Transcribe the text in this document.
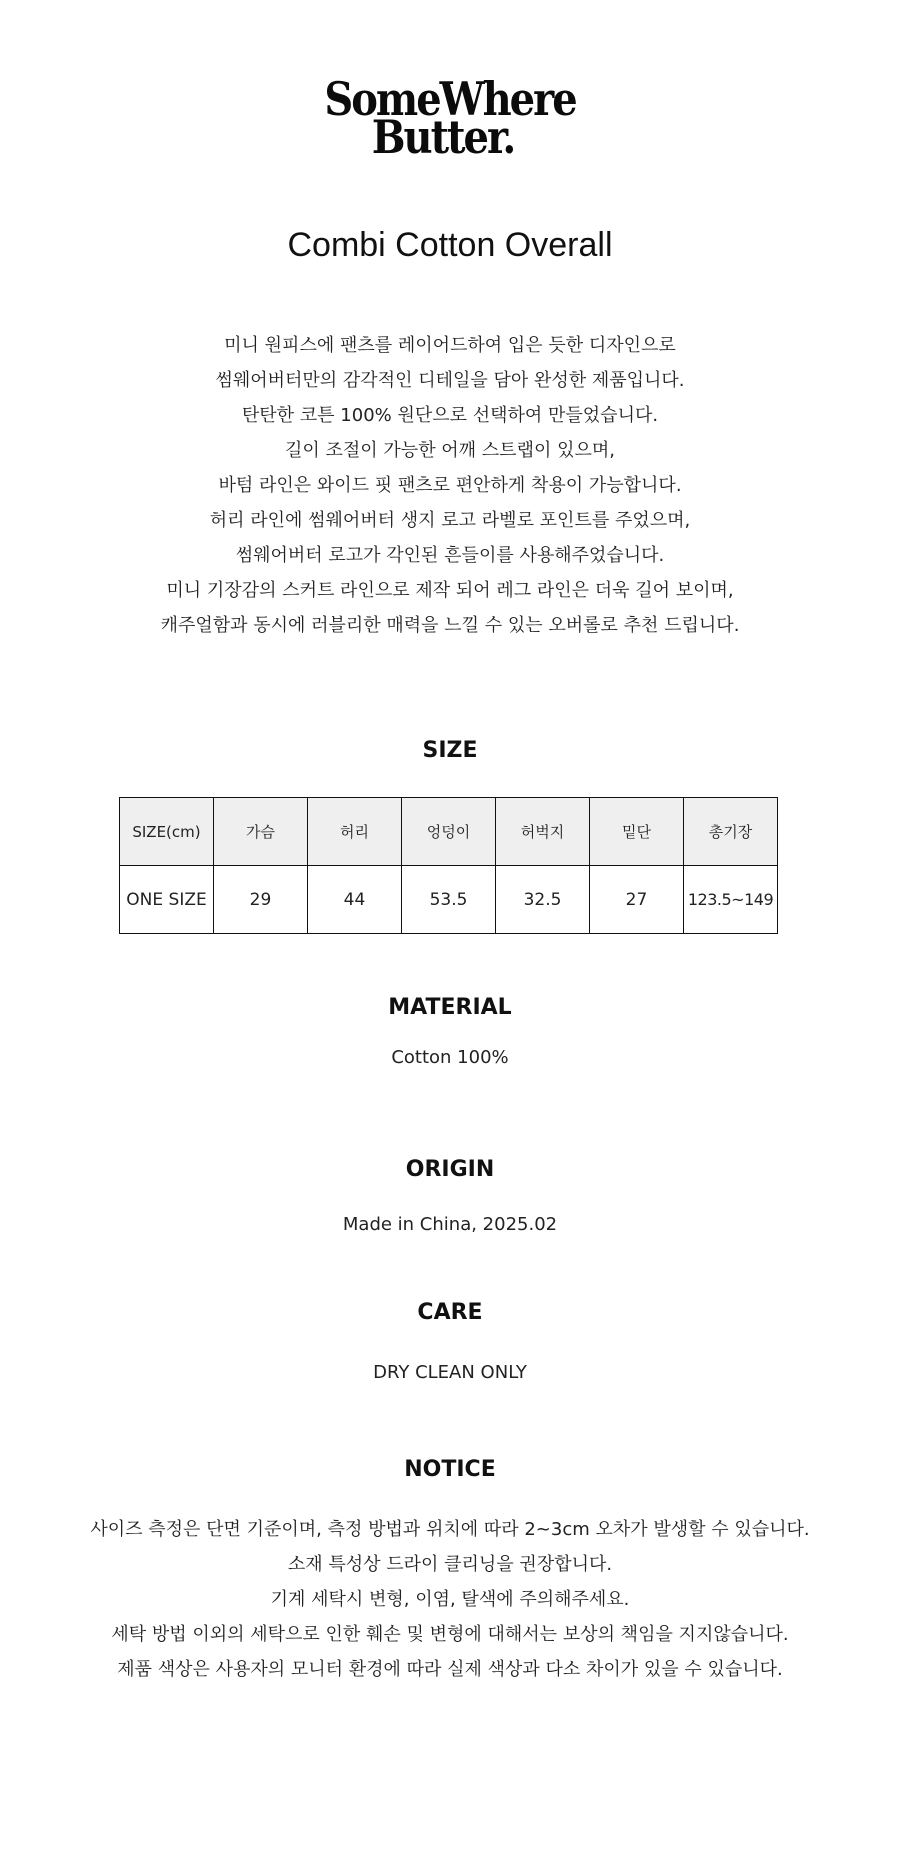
SomeWhere
Butter.
Combi Cotton Overall
미니 원피스에 팬츠를 레이어드하여 입은 듯한 디자인으로
썸웨어버터만의 감각적인 디테일을 담아 완성한 제품입니다.
탄탄한 코튼 100% 원단으로 선택하여 만들었습니다.
길이 조절이 가능한 어깨 스트랩이 있으며,
바텀 라인은 와이드 핏 팬츠로 편안하게 착용이 가능합니다.
허리 라인에 썸웨어버터 생지 로고 라벨로 포인트를 주었으며,
썸웨어버터 로고가 각인된 흔들이를 사용해주었습니다.
미니 기장감의 스커트 라인으로 제작 되어 레그 라인은 더욱 길어 보이며,
캐주얼함과 동시에 러블리한 매력을 느낄 수 있는 오버롤로 추천 드립니다.
SIZE
SIZE(cm)	가슴	허리	엉덩이	허벅지	밑단	총기장
ONE SIZE	29	44	53.5	32.5	27	123.5~149
MATERIAL
Cotton 100%
ORIGIN
Made in China, 2025.02
CARE
DRY CLEAN ONLY
NOTICE
사이즈 측정은 단면 기준이며, 측정 방법과 위치에 따라 2~3cm 오차가 발생할 수 있습니다.
소재 특성상 드라이 클리닝을 권장합니다.
기계 세탁시 변형, 이염, 탈색에 주의해주세요.
세탁 방법 이외의 세탁으로 인한 훼손 및 변형에 대해서는 보상의 책임을 지지않습니다.
제품 색상은 사용자의 모니터 환경에 따라 실제 색상과 다소 차이가 있을 수 있습니다.
